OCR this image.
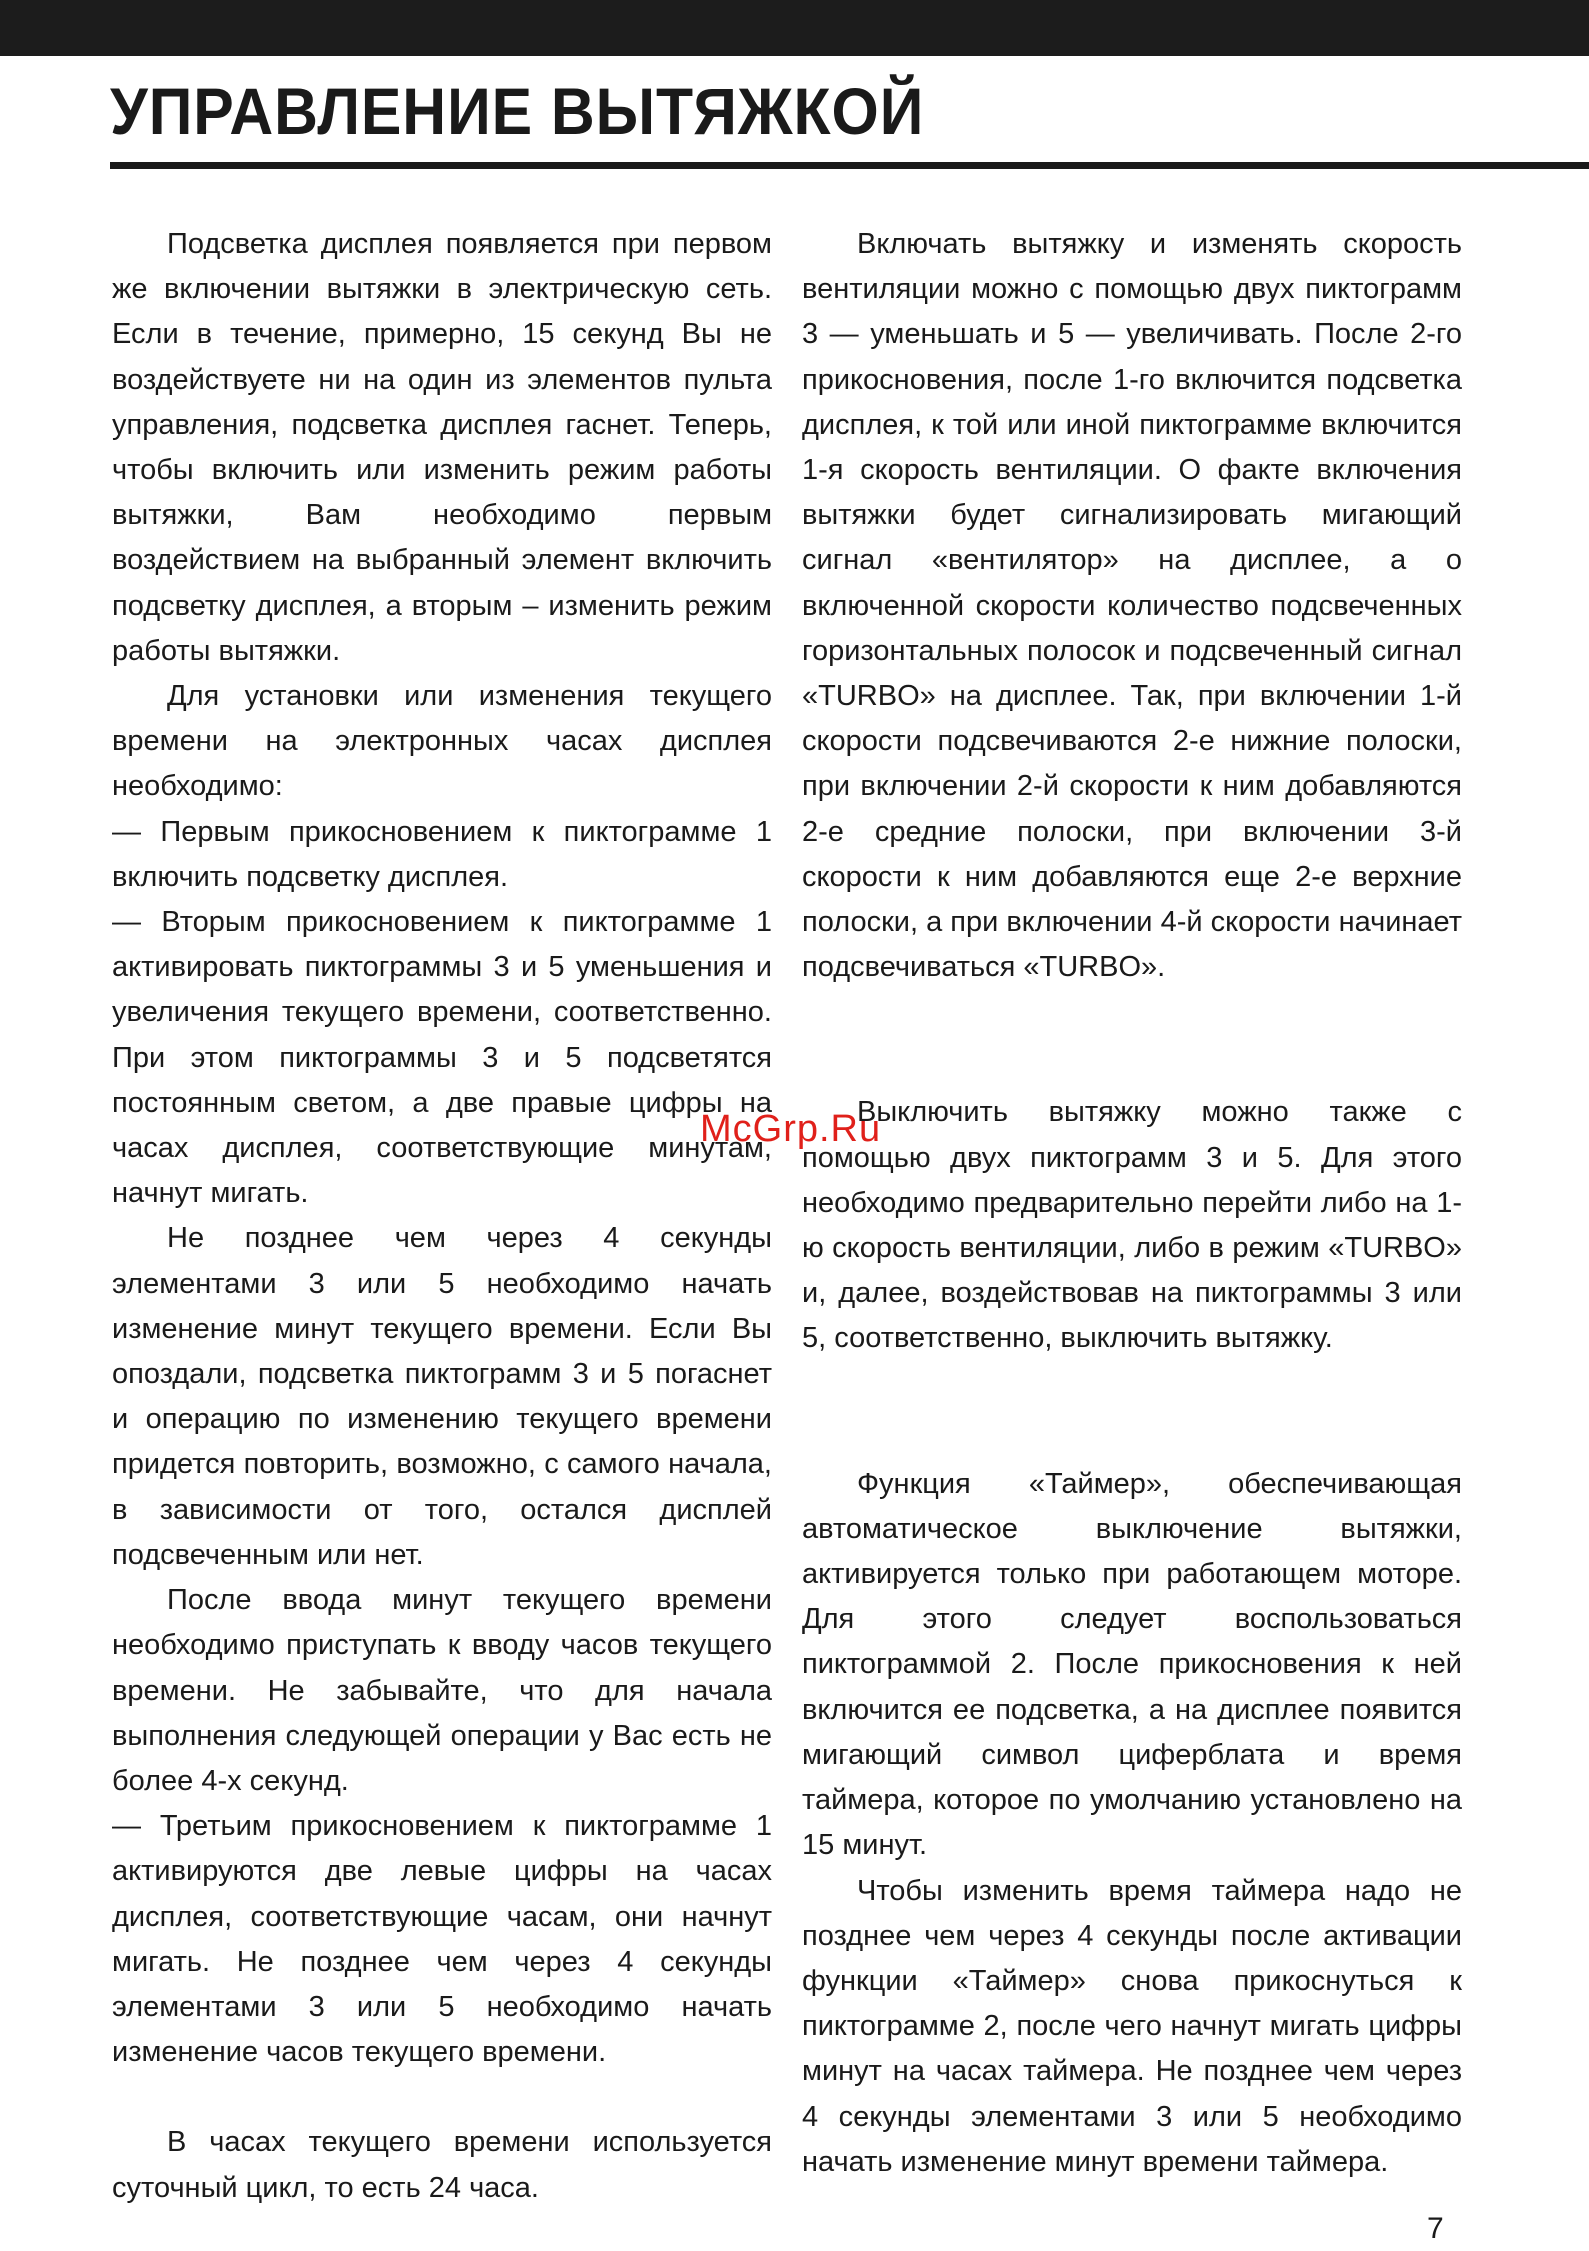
УПРАВЛЕНИЕ ВЫТЯЖКОЙ

Подсветка дисплея появляется при первом же включении вытяжки в электрическую сеть. Если в течение, примерно, 15 секунд Вы не воздействуете ни на один из элементов пульта управления, подсветка дисплея гаснет. Теперь, чтобы включить или изменить режим работы вытяжки, Вам необходимо первым воздействием на выбранный элемент включить подсветку дисплея, а вторым – изменить режим работы вытяжки.

Для установки или изменения текущего времени на электронных часах дисплея необходимо:

— Первым прикосновением к пиктограмме 1 включить подсветку дисплея.

— Вторым прикосновением к пиктограмме 1 активировать пиктограммы 3 и 5 уменьшения и увеличения текущего времени, соответственно. При этом пиктограммы 3 и 5 подсветятся постоянным светом, а две правые цифры на часах дисплея, соответствующие минутам, начнут мигать.

Не позднее чем через 4 секунды элементами 3 или 5 необходимо начать изменение минут текущего времени. Если Вы опоздали, подсветка пиктограмм 3 и 5 погаснет и операцию по изменению текущего времени придется повторить, возможно, с самого начала, в зависимости от того, остался дисплей подсвеченным или нет.

После ввода минут текущего времени необходимо приступать к вводу часов текущего времени. Не забывайте, что для начала выполнения следующей операции у Вас есть не более 4-х секунд.

— Третьим прикосновением к пиктограмме 1 активируются две левые цифры на часах дисплея, соответствующие часам, они начнут мигать. Не позднее чем через 4 секунды элементами 3 или 5 необходимо начать изменение часов текущего времени.

В часах текущего времени используется суточный цикл, то есть 24 часа.

Включать вытяжку и изменять скорость вентиляции можно с помощью двух пиктограмм 3 — уменьшать и 5 — увеличивать. После 2-го прикосновения, после 1-го включится подсветка дисплея, к той или иной пиктограмме включится 1-я скорость вентиляции. О факте включения вытяжки будет сигнализировать мигающий сигнал «вентилятор» на дисплее, а о включенной скорости количество подсвеченных горизонтальных полосок и подсвеченный сигнал «TURBO» на дисплее. Так, при включении 1-й скорости подсвечиваются 2-е нижние полоски, при включении 2-й скорости к ним добавляются 2-е средние полоски, при включении 3-й скорости к ним добавляются еще 2-е верхние полоски, а при включении 4-й скорости начинает подсвечиваться «TURBO».

Выключить вытяжку можно также с помощью двух пиктограмм 3 и 5. Для этого необходимо предварительно перейти либо на 1-ю скорость вентиляции, либо в режим «TURBO» и, далее, воздействовав на пиктограммы 3 или 5, соответственно, выключить вытяжку.

Функция «Таймер», обеспечивающая автоматическое выключение вытяжки, активируется только при работающем моторе. Для этого следует воспользоваться пиктограммой 2. После прикосновения к ней включится ее подсветка, а на дисплее появится мигающий символ циферблата и время таймера, которое по умолчанию установлено на 15 минут.

Чтобы изменить время таймера надо не позднее чем через 4 секунды после активации функции «Таймер» снова прикоснуться к пиктограмме 2, после чего начнут мигать цифры минут на часах таймера. Не позднее чем через 4 секунды элементами 3 или 5 необходимо начать изменение минут времени таймера.

McGrp.Ru
7
